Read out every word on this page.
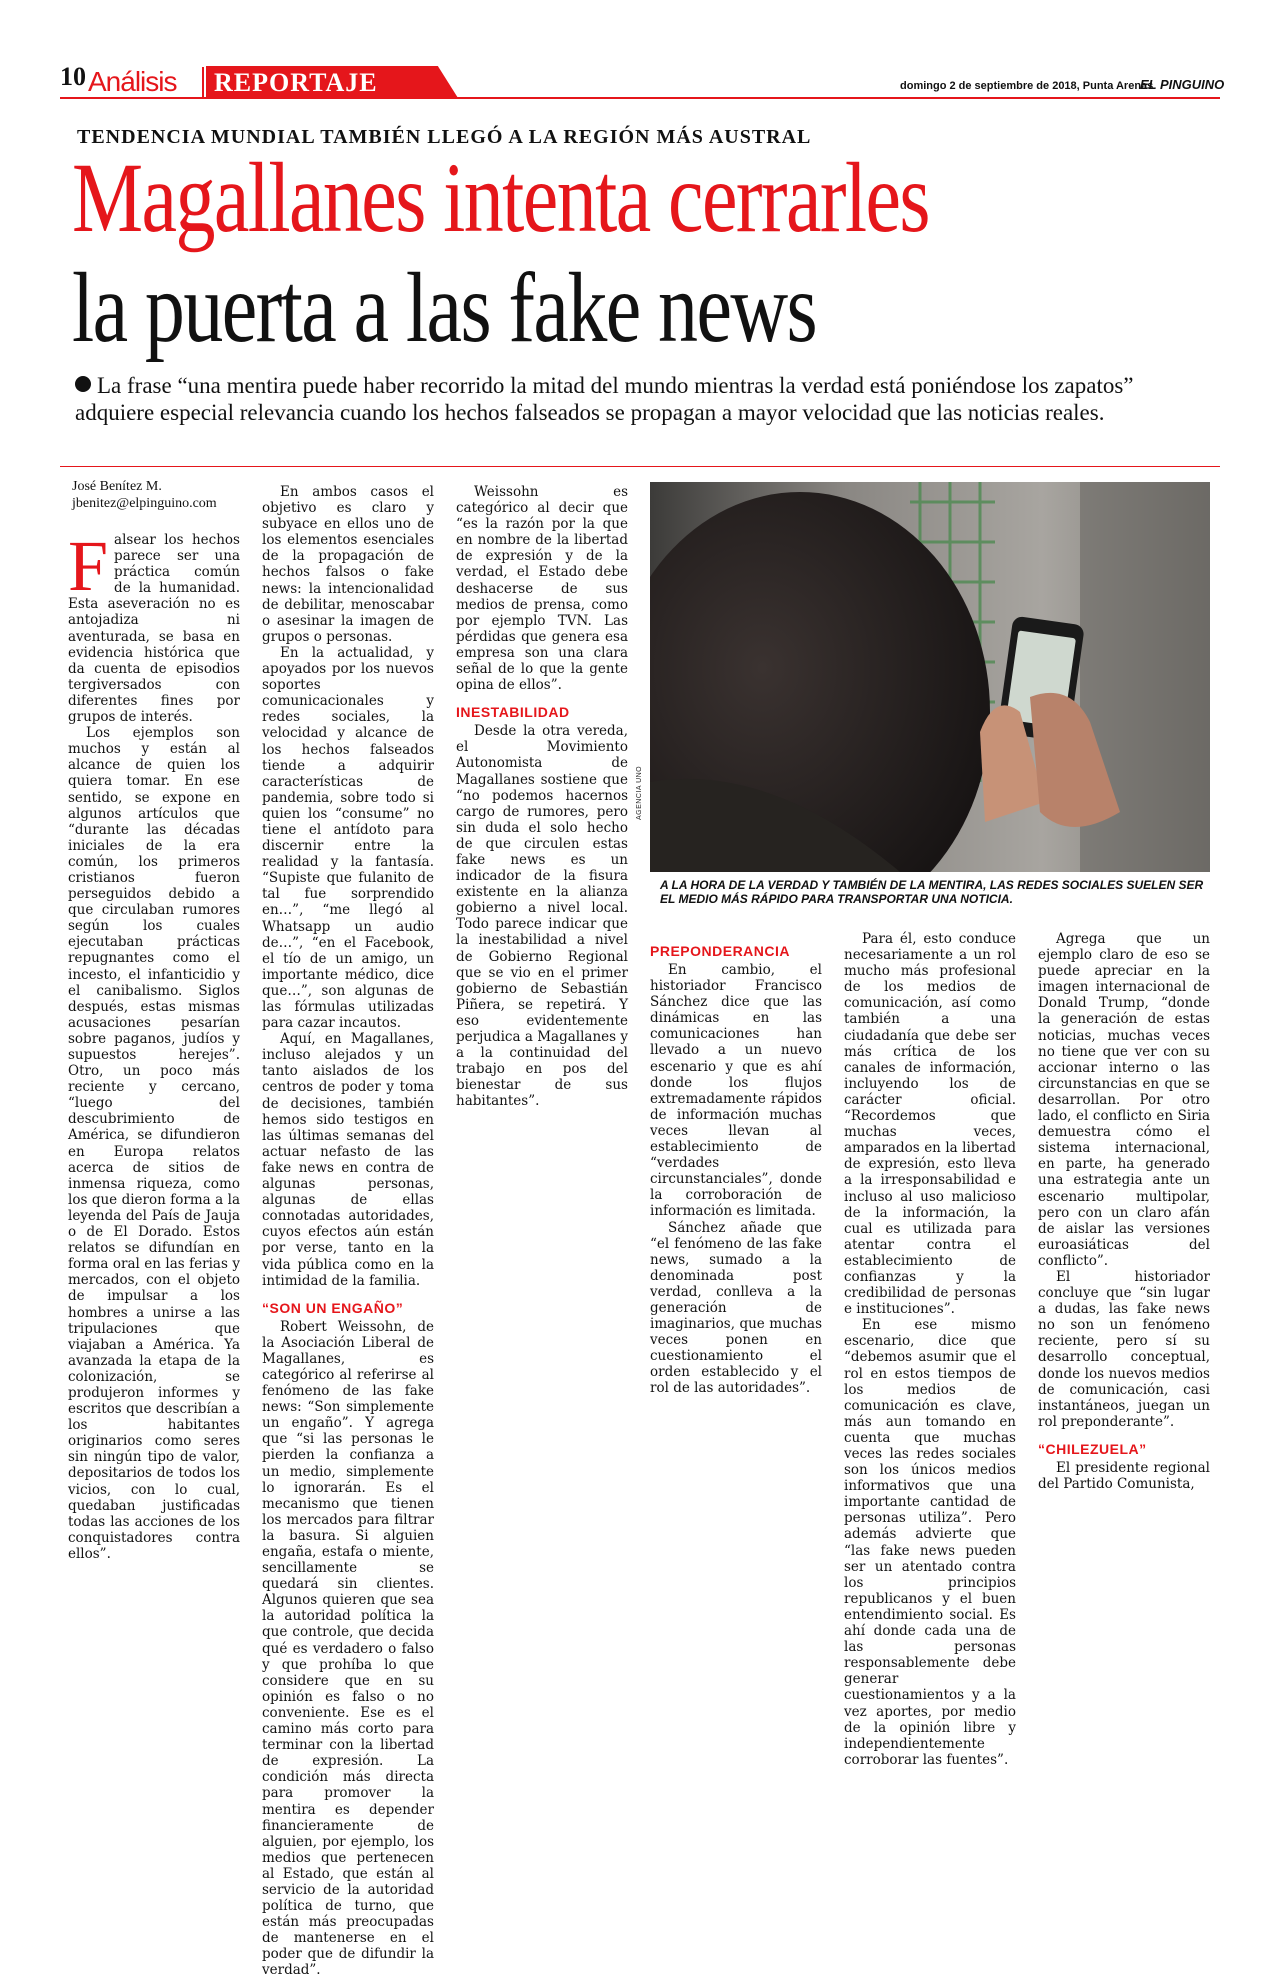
10 Análisis REPORTAJE	domingo 2 de septiembre de 2018, Punta Arenas
EL PINGUINO
TENDENCIA MUNDIAL TAMBIÉN LLEGÓ A LA REGIÓN MÁS AUSTRAL
Magallanes intenta cerrarles
la puerta a las fake news
La frase “una mentira puede haber recorrido la mitad del mundo mientras la verdad está poniéndose los zapatos” adquiere especial relevancia cuando los hechos falseados se propagan a mayor velocidad que las noticias reales.
José Benítez M.
jbenitez@elpinguino.com

Falsear los hechos parece ser una práctica común de la humanidad. Esta aseveración no es antojadiza ni aventurada, se basa en evidencia histórica que da cuenta de episodios tergiversados con diferentes fines por grupos de interés.

Los ejemplos son muchos y están al alcance de quien los quiera tomar. En ese sentido, se expone en algunos artículos que “durante las décadas iniciales de la era común, los primeros cristianos fueron perseguidos debido a que circulaban rumores según los cuales ejecutaban prácticas repugnantes como el incesto, el infanticidio y el canibalismo. Siglos después, estas mismas acusaciones pesarían sobre paganos, judíos y supuestos herejes”. Otro, un poco más reciente y cercano, “luego del descubrimiento de América, se difundieron en Europa relatos acerca de sitios de inmensa riqueza, como los que dieron forma a la leyenda del País de Jauja o de El Dorado. Estos relatos se difundían en forma oral en las ferias y mercados, con el objeto de impulsar a los hombres a unirse a las tripulaciones que viajaban a América. Ya avanzada la etapa de la colonización, se produjeron informes y escritos que describían a los habitantes originarios como seres sin ningún tipo de valor, depositarios de todos los vicios, con lo cual, quedaban justificadas todas las acciones de los conquistadores contra ellos”.

En ambos casos el objetivo es claro y subyace en ellos uno de los elementos esenciales de la propagación de hechos falsos o fake news: la intencionalidad de debilitar, menoscabar o asesinar la imagen de grupos o personas.

En la actualidad, y apoyados por los nuevos soportes comunicacionales y redes sociales, la velocidad y alcance de los hechos falseados tiende a adquirir características de pandemia, sobre todo si quien los “consume” no tiene el antídoto para discernir entre la realidad y la fantasía. “Supiste que fulanito de tal fue sorprendido en…”, “me llegó al Whatsapp un audio de…”, “en el Facebook, el tío de un amigo, un importante médico, dice que…”, son algunas de las fórmulas utilizadas para cazar incautos.

Aquí, en Magallanes, incluso alejados y un tanto aislados de los centros de poder y toma de decisiones, también hemos sido testigos en las últimas semanas del actuar nefasto de las fake news en contra de algunas personas, algunas de ellas connotadas autoridades, cuyos efectos aún están por verse, tanto en la vida pública como en la intimidad de la familia.

“SON UN ENGAÑO”

Robert Weissohn, de la Asociación Liberal de Magallanes, es categórico al referirse al fenómeno de las fake news: “Son simplemente un engaño”. Y agrega que “si las personas le pierden la confianza a un medio, simplemente lo ignorarán. Es el mecanismo que tienen los mercados para filtrar la basura. Si alguien engaña, estafa o miente, sencillamente se quedará sin clientes. Algunos quieren que sea la autoridad política la que controle, que decida qué es verdadero o falso y que prohíba lo que considere que en su opinión es falso o no conveniente. Ese es el camino más corto para terminar con la libertad de expresión. La condición más directa para promover la mentira es depender financieramente de alguien, por ejemplo, los medios que pertenecen al Estado, que están al servicio de la autoridad política de turno, que están más preocupadas de mantenerse en el poder que de difundir la verdad”.

Weissohn es categórico al decir que “es la razón por la que en nombre de la libertad de expresión y de la verdad, el Estado debe deshacerse de sus medios de prensa, como por ejemplo TVN. Las pérdidas que genera esa empresa son una clara señal de lo que la gente opina de ellos”.

INESTABILIDAD

Desde la otra vereda, el Movimiento Autonomista de Magallanes sostiene que “no podemos hacernos cargo de rumores, pero sin duda el solo hecho de que circulen estas fake news es un indicador de la fisura existente en la alianza gobierno a nivel local. Todo parece indicar que la inestabilidad a nivel de Gobierno Regional que se vio en el primer gobierno de Sebastián Piñera, se repetirá. Y eso evidentemente perjudica a Magallanes y a la continuidad del trabajo en pos del bienestar de sus habitantes”.

AGENCIA UNO
A LA HORA DE LA VERDAD Y TAMBIÉN DE LA MENTIRA, LAS REDES SOCIALES SUELEN SER EL MEDIO MÁS RÁPIDO PARA TRANSPORTAR UNA NOTICIA.
PREPONDERANCIA

En cambio, el historiador Francisco Sánchez dice que las dinámicas en las comunicaciones han llevado a un nuevo escenario y que es ahí donde los flujos extremadamente rápidos de información muchas veces llevan al establecimiento de “verdades circunstanciales”, donde la corroboración de información es limitada.

Sánchez añade que “el fenómeno de las fake news, sumado a la denominada post verdad, conlleva a la generación de imaginarios, que muchas veces ponen en cuestionamiento el orden establecido y el rol de las autoridades”.

Para él, esto conduce necesariamente a un rol mucho más profesional de los medios de comunicación, así como también a una ciudadanía que debe ser más crítica de los canales de información, incluyendo los de carácter oficial. “Recordemos que muchas veces, amparados en la libertad de expresión, esto lleva a la irresponsabilidad e incluso al uso malicioso de la información, la cual es utilizada para atentar contra el establecimiento de confianzas y la credibilidad de personas e instituciones”.

En ese mismo escenario, dice que “debemos asumir que el rol en estos tiempos de los medios de comunicación es clave, más aun tomando en cuenta que muchas veces las redes sociales son los únicos medios informativos que una importante cantidad de personas utiliza”. Pero además advierte que “las fake news pueden ser un atentado contra los principios republicanos y el buen entendimiento social. Es ahí donde cada una de las personas responsablemente debe generar cuestionamientos y a la vez aportes, por medio de la opinión libre y independientemente corroborar las fuentes”.

Agrega que un ejemplo claro de eso se puede apreciar en la imagen internacional de Donald Trump, “donde la generación de estas noticias, muchas veces no tiene que ver con su accionar interno o las circunstancias en que se desarrollan. Por otro lado, el conflicto en Siria demuestra cómo el sistema internacional, en parte, ha generado una estrategia ante un escenario multipolar, pero con un claro afán de aislar las versiones euroasiáticas del conflicto”.

El historiador concluye que “sin lugar a dudas, las fake news no son un fenómeno reciente, pero sí su desarrollo conceptual, donde los nuevos medios de comunicación, casi instantáneos, juegan un rol preponderante”.

“CHILEZUELA”

El presidente regional del Partido Comunista,
